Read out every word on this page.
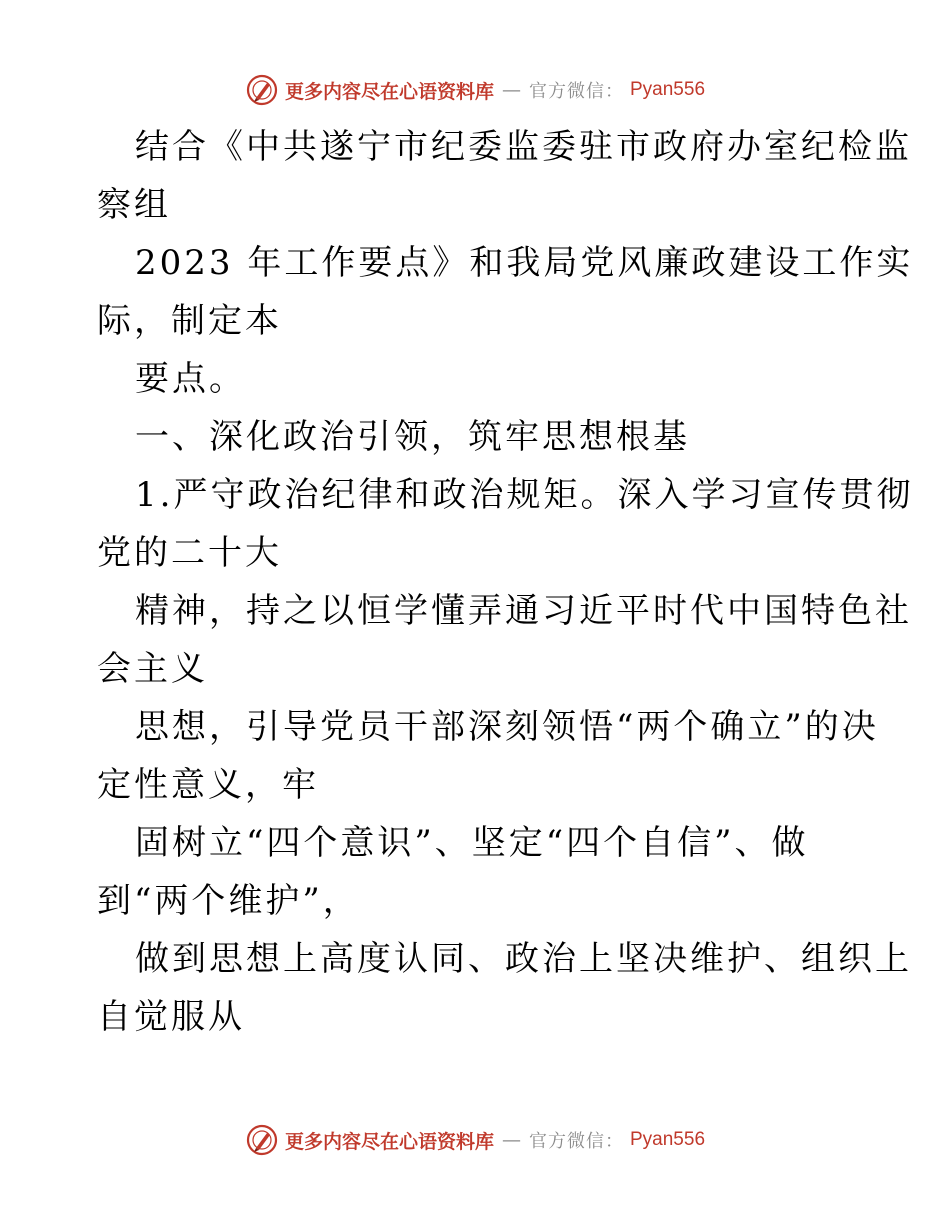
更多内容尽在心语资料库 — 官方微信： Pyan556
结合《中共遂宁市纪委监委驻市政府办室纪检监
察组
2023 年工作要点》和我局党风廉政建设工作实
际，制定本
要点。
一、深化政治引领，筑牢思想根基
1.严守政治纪律和政治规矩。深入学习宣传贯彻
党的二十大
精神，持之以恒学懂弄通习近平时代中国特色社
会主义
思想，引导党员干部深刻领悟“两个确立”的决
定性意义，牢
固树立“四个意识”、坚定“四个自信”、做
到“两个维护”，
做到思想上高度认同、政治上坚决维护、组织上
自觉服从
更多内容尽在心语资料库 — 官方微信： Pyan556
